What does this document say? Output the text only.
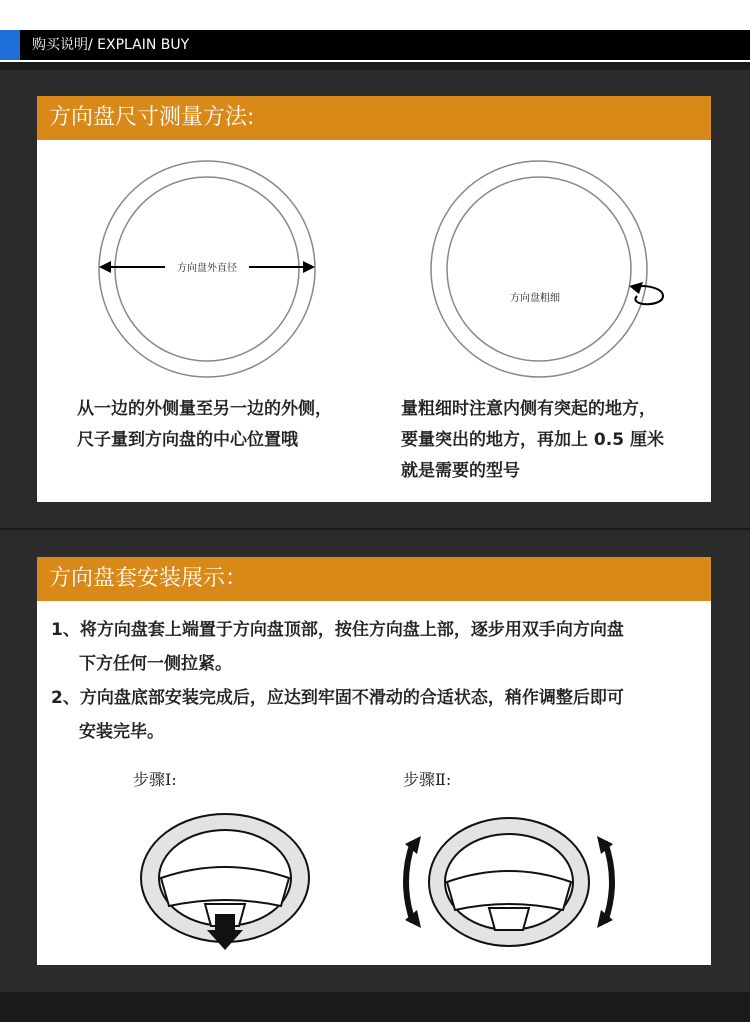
购买说明/ EXPLAIN BUY
方向盘尺寸测量方法:
方向盘外直径
方向盘粗细
从一边的外侧量至另一边的外侧，
尺子量到方向盘的中心位置哦
量粗细时注意内侧有突起的地方，
要量突出的地方，再加上 0.5 厘米
就是需要的型号
方向盘套安装展示：
1、将方向盘套上端置于方向盘顶部，按住方向盘上部，逐步用双手向方向盘
下方任何一侧拉紧。
2、方向盘底部安装完成后，应达到牢固不滑动的合适状态，稍作调整后即可
安装完毕。
步骤Ⅰ:	步骤Ⅱ:
